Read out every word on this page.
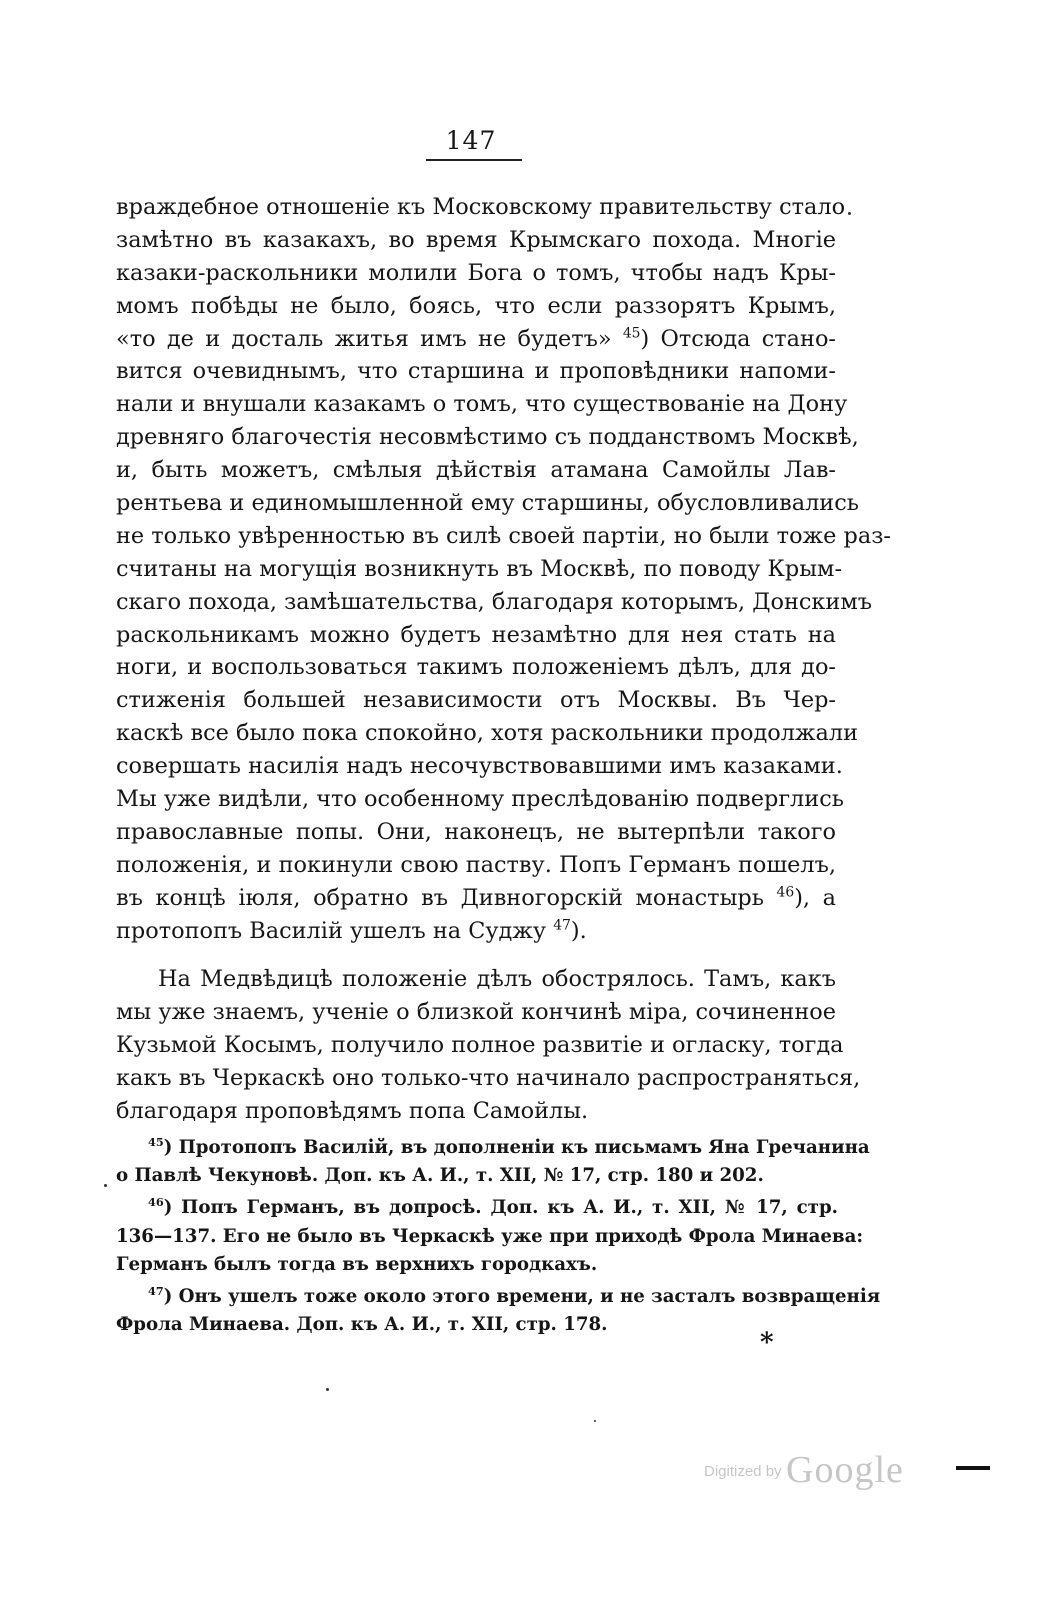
147
враждебное отношеніе къ Московскому правительству стало
замѣтно въ казакахъ, во время Крымскаго похода. Многіе
казаки-раскольники молили Бога о томъ, чтобы надъ Кры-
момъ побѣды не было, боясь, что если раззорятъ Крымъ,
«то де и досталь житья имъ не будетъ» $^{45}$) Отсюда стано-
вится очевиднымъ, что старшина и проповѣдники напоми-
нали и внушали казакамъ о томъ, что существованіе на Дону
древняго благочестія несовмѣстимо съ подданствомъ Москвѣ,
и, быть можетъ, смѣлыя дѣйствія атамана Самойлы Лав-
рентьева и единомышленной ему старшины, обусловливались
не только увѣренностью въ силѣ своей партіи, но были тоже раз-
считаны на могущія возникнуть въ Москвѣ, по поводу Крым-
скаго похода, замѣшательства, благодаря которымъ, Донскимъ
раскольникамъ можно будетъ незамѣтно для нея стать на
ноги, и воспользоваться такимъ положеніемъ дѣлъ, для до-
стиженія большей независимости отъ Москвы. Въ Чер-
каскѣ все было пока спокойно, хотя раскольники продолжали
совершать насилія надъ несочувствовавшими имъ казаками.
Мы уже видѣли, что особенному преслѣдованію подверглись
православные попы. Они, наконецъ, не вытерпѣли такого
положенія, и покинули свою паству. Попъ Германъ пошелъ,
въ концѣ іюля, обратно въ Дивногорскій монастырь $^{46}$), а
протопопъ Василій ушелъ на Суджу $^{47}$).
На Медвѣдицѣ положеніе дѣлъ обострялось. Тамъ, какъ
мы уже знаемъ, ученіе о близкой кончинѣ міра, сочиненное
Кузьмой Косымъ, получило полное развитіе и огласку, тогда
какъ въ Черкаскѣ оно только-что начинало распространяться,
благодаря проповѣдямъ попа Самойлы.
$^{45}$) Протопопъ Василій, въ дополненіи къ письмамъ Яна Гречанина
о Павлѣ Чекуновѣ. Доп. къ А. И., т. XII, № 17, стр. 180 и 202.
$^{46}$) Попъ Германъ, въ допросѣ. Доп. къ А. И., т. XII, № 17, стр.
136—137. Его не было въ Черкаскѣ уже при приходѣ Фрола Минаева:
Германъ былъ тогда въ верхнихъ городкахъ.
$^{47}$) Онъ ушелъ тоже около этого времени, и не засталъ возвращенія
Фрола Минаева. Доп. къ А. И., т. XII, стр. 178.
*
Digitized by Google
